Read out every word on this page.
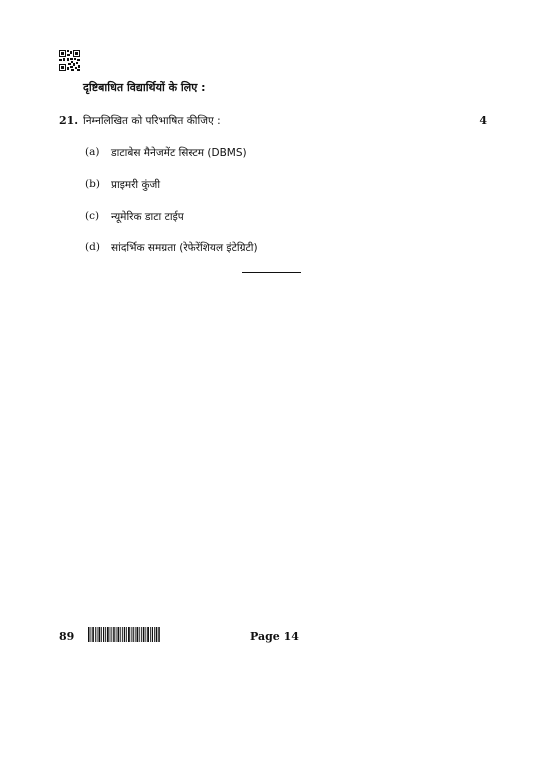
दृष्टिबाधित विद्यार्थियों के लिए :
21. निम्नलिखित को परिभाषित कीजिए :	4
(a) डाटाबेस मैनेजमेंट सिस्टम (DBMS)
(b) प्राइमरी कुंजी
(c) न्यूमेरिक डाटा टाईप
(d) सांदर्भिक समग्रता (रेफेरेंशियल इंटेग्रिटी)
89	Page 14
